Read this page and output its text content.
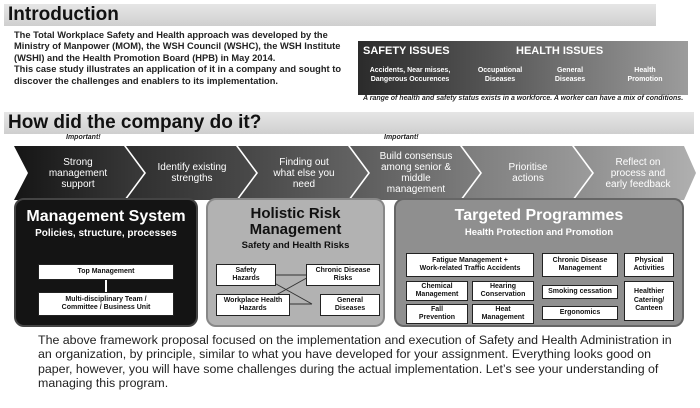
Introduction
The Total Workplace Safety and Health approach was developed by the
Ministry of Manpower (MOM), the WSH Council (WSHC), the WSH Institute
(WSHI) and the Health Promotion Board (HPB) in May 2014.
This case study illustrates an application of it in a company and sought to
discover the challenges and enablers to its implementation.
SAFETY ISSUES	HEALTH ISSUES
Accidents, Near misses,
Dangerous Occurences
Occupational
Diseases
General
Diseases
Health
Promotion
A range of health and safety status exists in a workforce. A worker can have a mix of conditions.
How did the company do it?
Important!	Important!
Strong
management
support
Identify existing
strengths
Finding out
what else you
need
Build consensus
among senior &
middle
management
Prioritise
actions
Reflect on
process and
early feedback
Management System
Policies, structure, processes
Top Management
Multi-disciplinary Team /
Committee / Business Unit
Holistic Risk
Management
Safety and Health Risks
Safety
Hazards
Chronic Disease
Risks
Workplace Health
Hazards
General
Diseases
Targeted Programmes
Health Protection and Promotion
Fatigue Management +
Work-related Traffic Accidents
Chemical
Management
Hearing
Conservation
Fall
Prevention
Heat
Management
Chronic Disease
Management
Smoking cessation
Ergonomics
Physical
Activities
Healthier
Catering/
Canteen
The above framework proposal focused on the implementation and execution of Safety and Health Administration in an organization, by principle, similar to what you have developed for your assignment. Everything looks good on paper, however, you will have some challenges during the actual implementation. Let’s see your understanding of managing this program.
